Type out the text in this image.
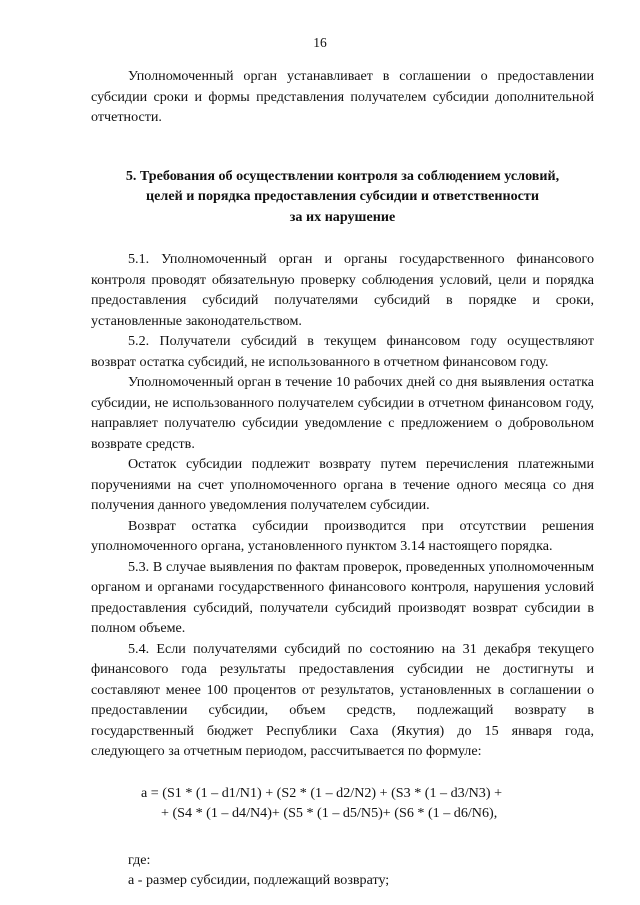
16

Уполномоченный орган устанавливает в соглашении о предоставлении субсидии сроки и формы представления получателем субсидии дополнительной отчетности.

5. Требования об осуществлении контроля за соблюдением условий,
целей и порядка предоставления субсидии и ответственности
за их нарушение

5.1. Уполномоченный орган и органы государственного финансового контроля проводят обязательную проверку соблюдения условий, цели и порядка предоставления субсидий получателями субсидий в порядке и сроки, установленные законодательством.

5.2. Получатели субсидий в текущем финансовом году осуществляют возврат остатка субсидий, не использованного в отчетном финансовом году.

Уполномоченный орган в течение 10 рабочих дней со дня выявления остатка субсидии, не использованного получателем субсидии в отчетном финансовом году, направляет получателю субсидии уведомление с предложением о добровольном возврате средств.

Остаток субсидии подлежит возврату путем перечисления платежными поручениями на счет уполномоченного органа в течение одного месяца со дня получения данного уведомления получателем субсидии.

Возврат остатка субсидии производится при отсутствии решения уполномоченного органа, установленного пунктом 3.14 настоящего порядка.

5.3. В случае выявления по фактам проверок, проведенных уполномоченным органом и органами государственного финансового контроля, нарушения условий предоставления субсидий, получатели субсидий производят возврат субсидии в полном объеме.

5.4. Если получателями субсидий по состоянию на 31 декабря текущего финансового года результаты предоставления субсидии не достигнуты и составляют менее 100 процентов от результатов, установленных в соглашении о предоставлении субсидии, объем средств, подлежащий возврату в государственный бюджет Республики Саха (Якутия) до 15 января года, следующего за отчетным периодом, рассчитывается по формуле:

a = (S1 * (1 – d1/N1) + (S2 * (1 – d2/N2) + (S3 * (1 – d3/N3) +
+ (S4 * (1 – d4/N4)+ (S5 * (1 – d5/N5)+ (S6 * (1 – d6/N6),

где:

а - размер субсидии, подлежащий возврату;
